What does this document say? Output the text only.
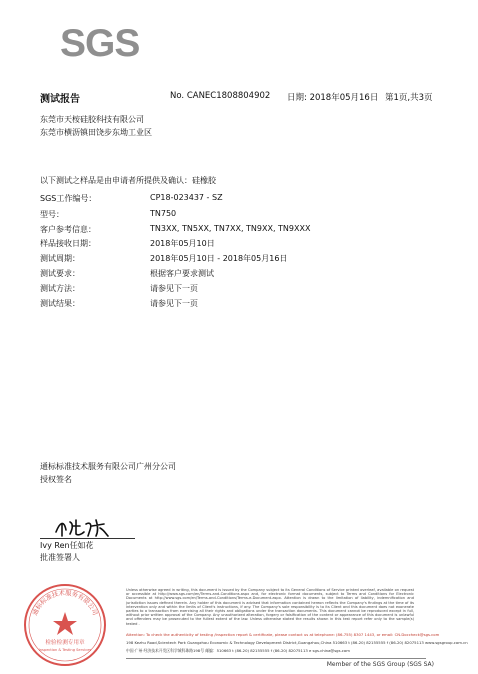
SGS
测试报告	No. CANEC1808804902 日期: 2018年05月16日 第1页,共3页
东莞市天桉硅胶科技有限公司
东莞市横沥镇田饶步东坳工业区
以下测试之样品是由申请者所提供及确认：硅橡胶
SGS工作编号：	CP18-023437 - SZ
型号：	TN750
客户参考信息：	TN3XX, TN5XX, TN7XX, TN9XX, TN9XXX
样品接收日期：	2018年05月10日
测试周期：	2018年05月10日 - 2018年05月16日
测试要求：	根据客户要求测试
测试方法：	请参见下一页
测试结果：	请参见下一页
通标标准技术服务有限公司广州分公司
授权签名
Ivy Ren任如花
批准签署人
通标标准技术服务有限公司
检验检测专用章
Inspection & Testing Services
Unless otherwise agreed in writing, this document is issued by the Company subject to its General Conditions of Service printed overleaf, available on request or accessible at http://www.sgs.com/en/Terms-and-Conditions.aspx and, for electronic format documents, subject to Terms and Conditions for Electronic Documents at http://www.sgs.com/en/Terms-and-Conditions/Terms-e-Document.aspx. Attention is drawn to the limitation of liability, indemnification and jurisdiction issues defined therein. Any holder of this document is advised that information contained hereon reflects the Company's findings at the time of its intervention only and within the limits of Client's instructions, if any. The Company's sole responsibility is to its Client and this document does not exonerate parties to a transaction from exercising all their rights and obligations under the transaction documents. This document cannot be reproduced except in full, without prior written approval of the Company. Any unauthorized alteration, forgery or falsification of the content or appearance of this document is unlawful and offenders may be prosecuted to the fullest extent of the law. Unless otherwise stated the results shown in this test report refer only to the sample(s) tested .
Attention: To check the authenticity of testing /inspection report & certificate, please contact us at telephone: (86-755) 8307 1443, or email: CN.Doccheck@sgs.com
198 Kezhu Road,Scientech Park Guangzhou Economic & Technology Development District,Guangzhou,China 510663 t (86-20) 82155555 f (86-20) 82075113 www.sgsgroup.com.cn
中国·广州·经济技术开发区科学城科珠路198号 邮编：510663 t (86-20) 82155555 f (86-20) 82075113 e sgs.china@sgs.com
Member of the SGS Group (SGS SA)
